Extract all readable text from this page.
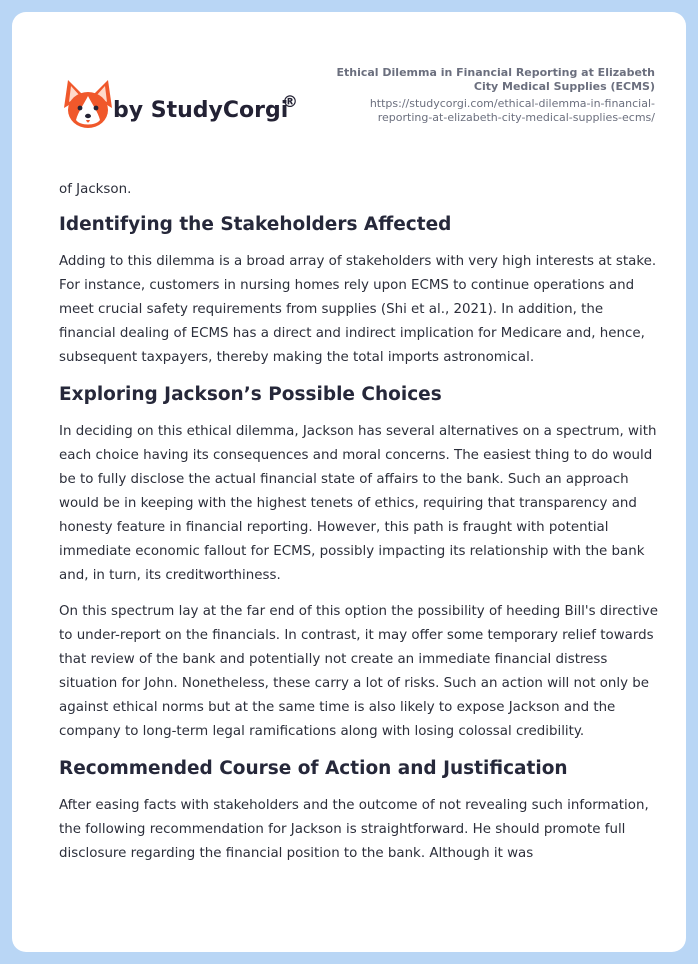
by StudyCorgi
®
Ethical Dilemma in Financial Reporting at Elizabeth City Medical Supplies (ECMS)
https://studycorgi.com/ethical-dilemma-in-financial-reporting-at-elizabeth-city-medical-supplies-ecms/

of Jackson.

Identifying the Stakeholders Affected

Adding to this dilemma is a broad array of stakeholders with very high interests at stake. For instance, customers in nursing homes rely upon ECMS to continue operations and meet crucial safety requirements from supplies (Shi et al., 2021). In addition, the financial dealing of ECMS has a direct and indirect implication for Medicare and, hence, subsequent taxpayers, thereby making the total imports astronomical.

Exploring Jackson’s Possible Choices

In deciding on this ethical dilemma, Jackson has several alternatives on a spectrum, with each choice having its consequences and moral concerns. The easiest thing to do would be to fully disclose the actual financial state of affairs to the bank. Such an approach would be in keeping with the highest tenets of ethics, requiring that transparency and honesty feature in financial reporting. However, this path is fraught with potential immediate economic fallout for ECMS, possibly impacting its relationship with the bank and, in turn, its creditworthiness.

On this spectrum lay at the far end of this option the possibility of heeding Bill's directive to under-report on the financials. In contrast, it may offer some temporary relief towards that review of the bank and potentially not create an immediate financial distress situation for John. Nonetheless, these carry a lot of risks. Such an action will not only be against ethical norms but at the same time is also likely to expose Jackson and the company to long-term legal ramifications along with losing colossal credibility.

Recommended Course of Action and Justification

After easing facts with stakeholders and the outcome of not revealing such information, the following recommendation for Jackson is straightforward. He should promote full disclosure regarding the financial position to the bank. Although it was
